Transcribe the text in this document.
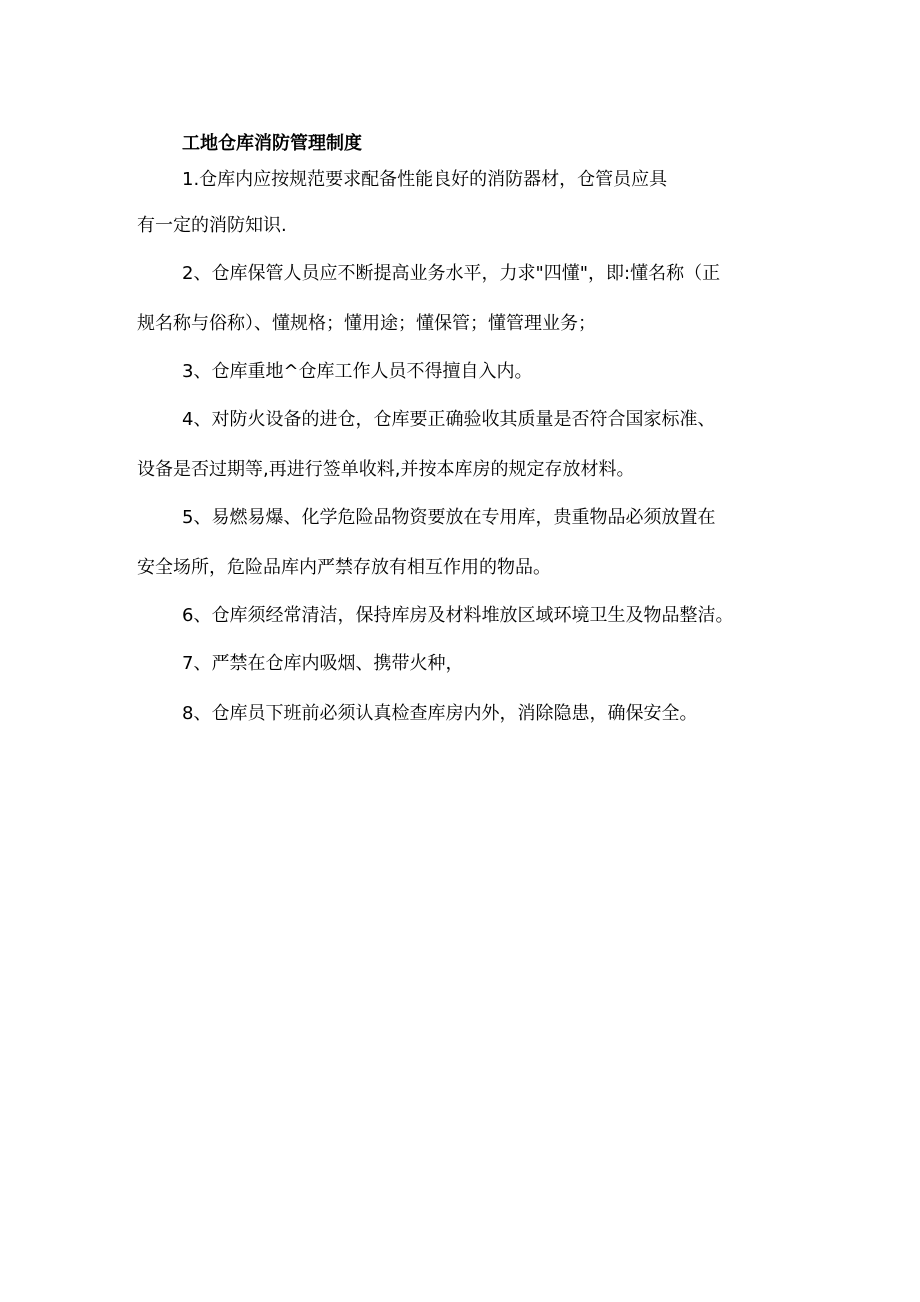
工地仓库消防管理制度

1.仓库内应按规范要求配备性能良好的消防器材，仓管员应具

有一定的消防知识.

2、仓库保管人员应不断提高业务水平，力求"四懂"，即:懂名称（正

规名称与俗称）、懂规格；懂用途；懂保管；懂管理业务；

3、仓库重地^仓库工作人员不得擅自入内。

4、对防火设备的进仓，仓库要正确验收其质量是否符合国家标准、

设备是否过期等,再进行签单收料,并按本库房的规定存放材料。

5、易燃易爆、化学危险品物资要放在专用库，贵重物品必须放置在

安全场所，危险品库内严禁存放有相互作用的物品。

6、仓库须经常清洁，保持库房及材料堆放区域环境卫生及物品整洁。

7、严禁在仓库内吸烟、携带火种，

8、仓库员下班前必须认真检查库房内外，消除隐患，确保安全。
